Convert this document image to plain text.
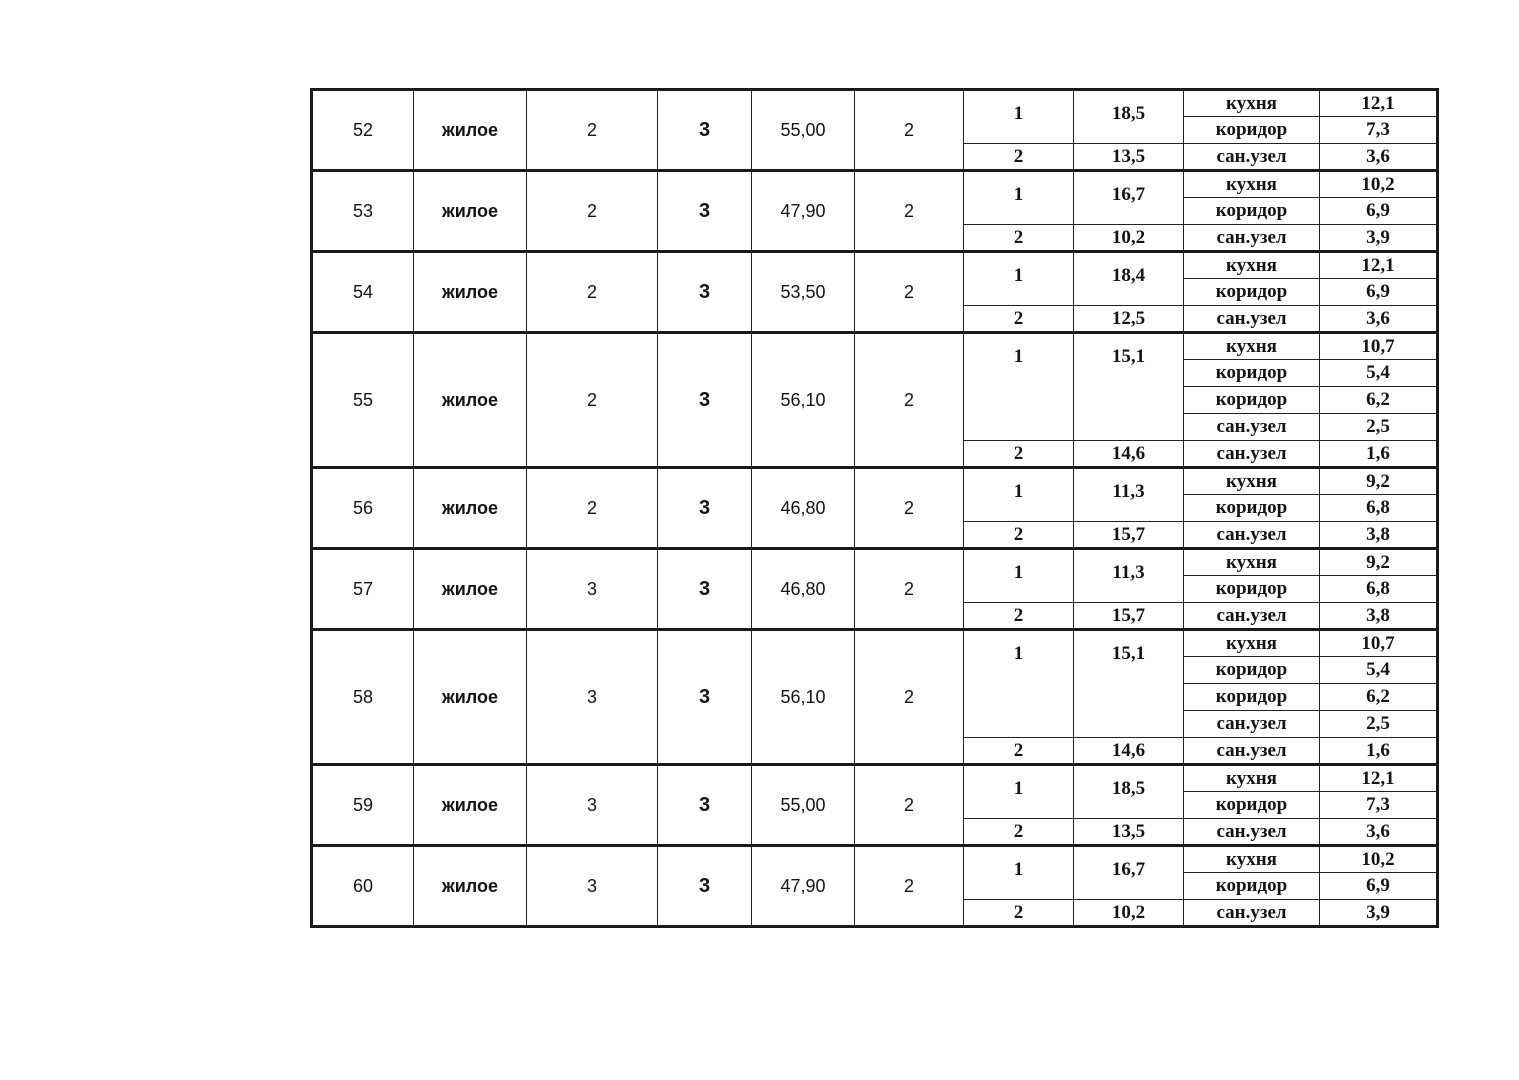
52	жилое	2	3	55,00	2	1	18,5	кухня	12,1
								коридор	7,3
						2	13,5	сан.узел	3,6
53	жилое	2	3	47,90	2	1	16,7	кухня	10,2
								коридор	6,9
						2	10,2	сан.узел	3,9
54	жилое	2	3	53,50	2	1	18,4	кухня	12,1
								коридор	6,9
						2	12,5	сан.узел	3,6
55	жилое	2	3	56,10	2	1	15,1	кухня	10,7
								коридор	5,4
								коридор	6,2
								сан.узел	2,5
						2	14,6	сан.узел	1,6
56	жилое	2	3	46,80	2	1	11,3	кухня	9,2
								коридор	6,8
						2	15,7	сан.узел	3,8
57	жилое	3	3	46,80	2	1	11,3	кухня	9,2
								коридор	6,8
						2	15,7	сан.узел	3,8
58	жилое	3	3	56,10	2	1	15,1	кухня	10,7
								коридор	5,4
								коридор	6,2
								сан.узел	2,5
						2	14,6	сан.узел	1,6
59	жилое	3	3	55,00	2	1	18,5	кухня	12,1
								коридор	7,3
						2	13,5	сан.узел	3,6
60	жилое	3	3	47,90	2	1	16,7	кухня	10,2
								коридор	6,9
						2	10,2	сан.узел	3,9
